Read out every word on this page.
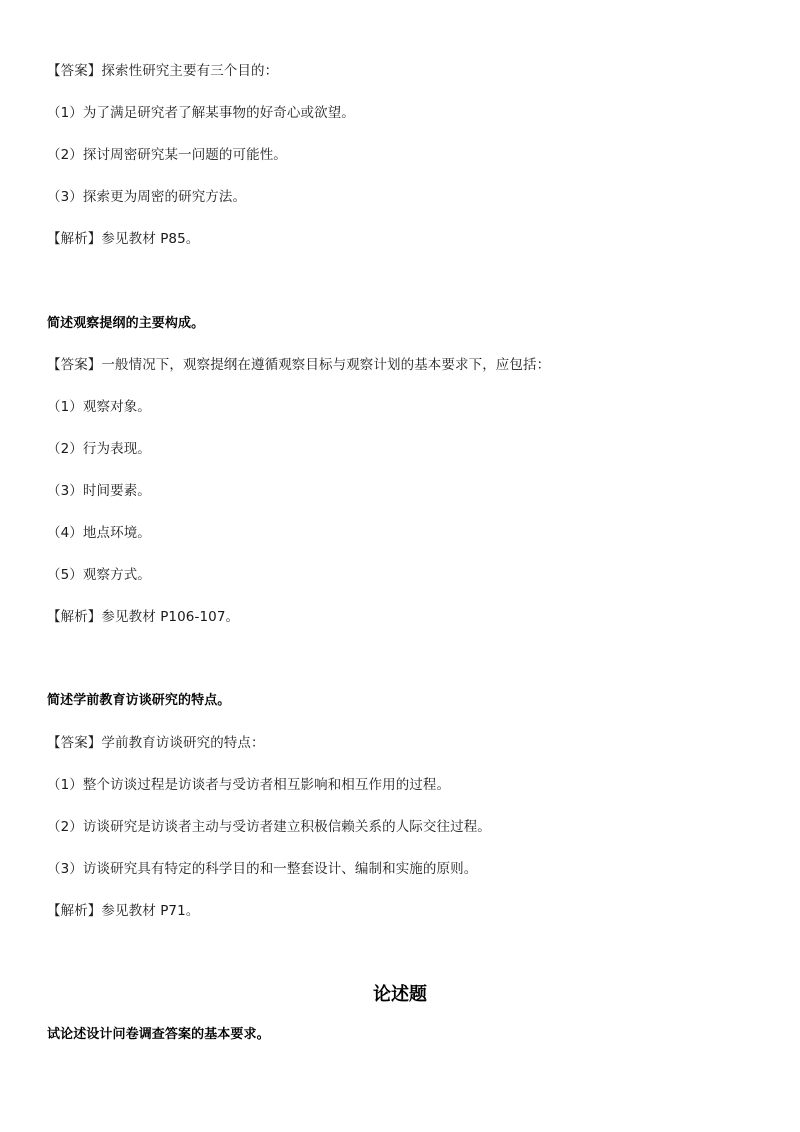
【答案】探索性研究主要有三个目的：
（1）为了满足研究者了解某事物的好奇心或欲望。
（2）探讨周密研究某一问题的可能性。
（3）探索更为周密的研究方法。
【解析】参见教材 P85。
简述观察提纲的主要构成。
【答案】一般情况下，观察提纲在遵循观察目标与观察计划的基本要求下，应包括：
（1）观察对象。
（2）行为表现。
（3）时间要素。
（4）地点环境。
（5）观察方式。
【解析】参见教材 P106-107。
简述学前教育访谈研究的特点。
【答案】学前教育访谈研究的特点：
（1）整个访谈过程是访谈者与受访者相互影响和相互作用的过程。
（2）访谈研究是访谈者主动与受访者建立积极信赖关系的人际交往过程。
（3）访谈研究具有特定的科学目的和一整套设计、编制和实施的原则。
【解析】参见教材 P71。
论述题
试论述设计问卷调查答案的基本要求。
